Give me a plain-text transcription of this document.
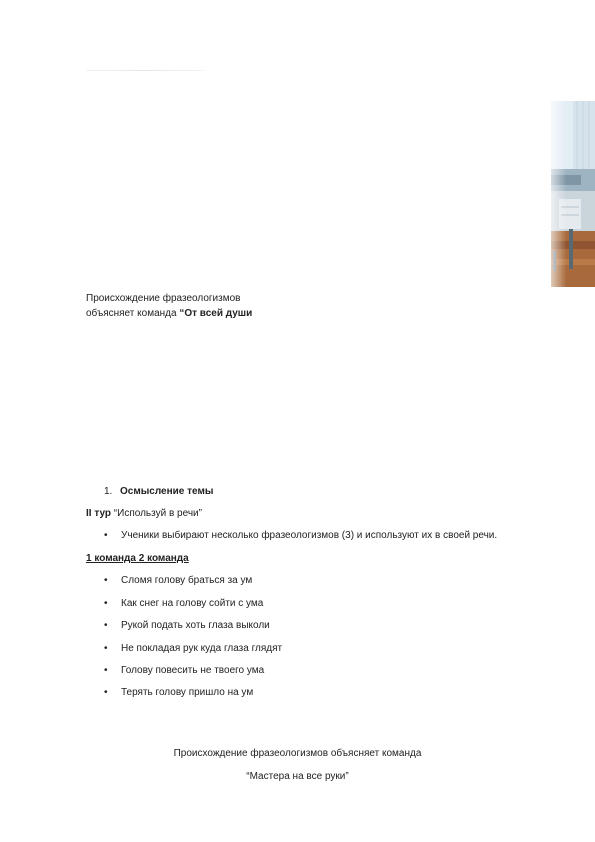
Происхождение фразеологизмов
объясняет команда “От всей души
1. Осмысление темы
II тур “Используй в речи”
• Ученики выбирают несколько фразеологизмов (3) и используют их в своей речи.
1 команда 2 команда
• Сломя голову браться за ум
• Как снег на голову сойти с ума
• Рукой подать хоть глаза выколи
• Не покладая рук куда глаза глядят
• Голову повесить не твоего ума
• Терять голову пришло на ум
Происхождение фразеологизмов объясняет команда
“Мастера на все руки”
